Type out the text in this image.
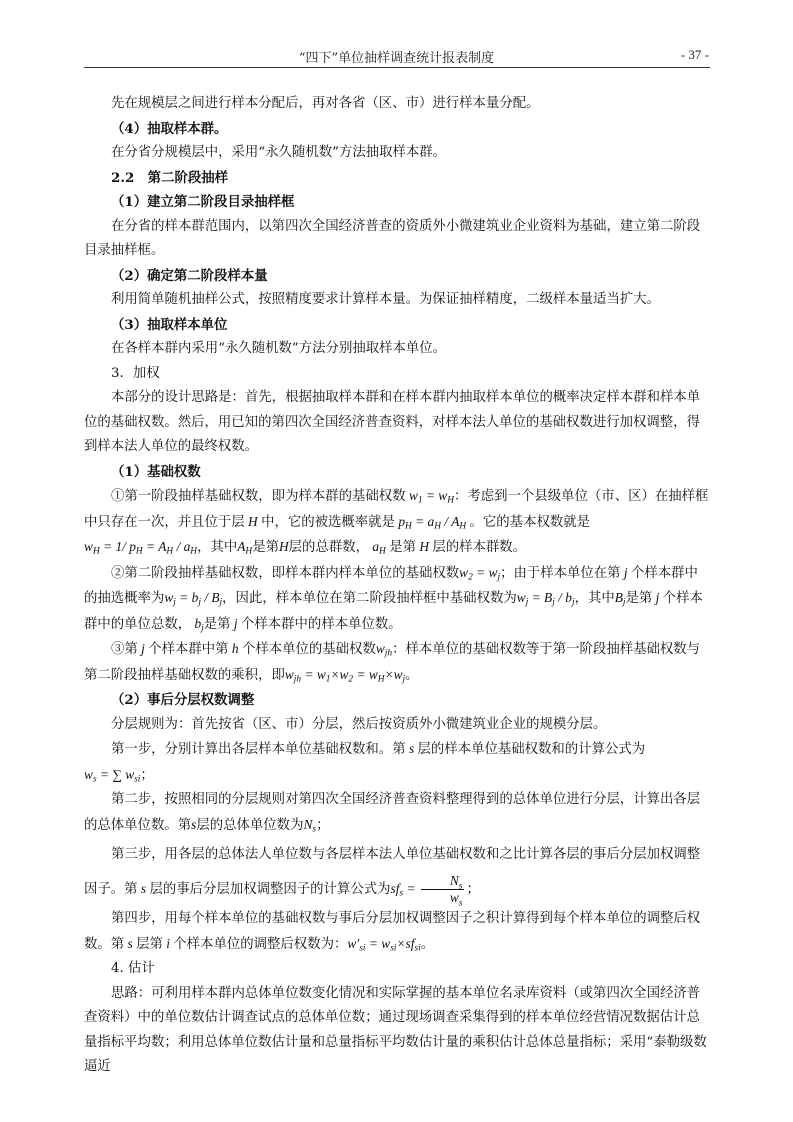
“四下”单位抽样调查统计报表制度	- 37 -

先在规模层之间进行样本分配后，再对各省（区、市）进行样本量分配。

（4）抽取样本群。

在分省分规模层中，采用“永久随机数”方法抽取样本群。

2.2　第二阶段抽样

（1）建立第二阶段目录抽样框

在分省的样本群范围内，以第四次全国经济普查的资质外小微建筑业企业资料为基础，建立第二阶段目录抽样框。

（2）确定第二阶段样本量

利用简单随机抽样公式，按照精度要求计算样本量。为保证抽样精度，二级样本量适当扩大。

（3）抽取样本单位

在各样本群内采用“永久随机数”方法分别抽取样本单位。

3．加权

本部分的设计思路是：首先，根据抽取样本群和在样本群内抽取样本单位的概率决定样本群和样本单位的基础权数。然后，用已知的第四次全国经济普查资料，对样本法人单位的基础权数进行加权调整，得到样本法人单位的最终权数。

（1）基础权数

①第一阶段抽样基础权数，即为样本群的基础权数 $w_1 = w_H$：考虑到一个县级单位（市、区）在抽样框中只存在一次，并且位于层 H 中，它的被选概率就是 $p_H = a_H / A_H$ 。它的基本权数就是$w_H = 1/$ $p_H = A_H / a_H$，其中$A_H$是第H层的总群数， $a_H$ 是第 H 层的样本群数。

②第二阶段抽样基础权数，即样本群内样本单位的基础权数$w_2 = w_j$；由于样本单位在第 j 个样本群中的抽选概率为$w_j = b_j / B_j$，因此，样本单位在第二阶段抽样框中基础权数为$w_j = B_j / b_j$，其中$B_j$是第 j 个样本群中的单位总数， $b_j$是第 j 个样本群中的样本单位数。

③第 j 个样本群中第 h 个样本单位的基础权数$w_{jh}$：样本单位的基础权数等于第一阶段抽样基础权数与第二阶段抽样基础权数的乘积，即$w_{jh} = w_1\times w_2 = w_H\times w_j$。

（2）事后分层权数调整

分层规则为：首先按省（区、市）分层，然后按资质外小微建筑业企业的规模分层。

第一步，分别计算出各层样本单位基础权数和。第 s 层的样本单位基础权数和的计算公式为$w_s$ = ∑ $w_{si}$；

第二步，按照相同的分层规则对第四次全国经济普查资料整理得到的总体单位进行分层，计算出各层的总体单位数。第s层的总体单位数为$N_s$；

第三步，用各层的总体法人单位数与各层样本法人单位基础权数和之比计算各层的事后分层加权调整因子。第 s 层的事后分层加权调整因子的计算公式为$sf_s = \frac{N_s}{w_s}$ ；

第四步，用每个样本单位的基础权数与事后分层加权调整因子之积计算得到每个样本单位的调整后权数。第 s 层第 i 个样本单位的调整后权数为：$w'_{si} = w_{si}\times sf_{si}$。

4. 估计

思路：可利用样本群内总体单位数变化情况和实际掌握的基本单位名录库资料（或第四次全国经济普查资料）中的单位数估计调查试点的总体单位数；通过现场调查采集得到的样本单位经营情况数据估计总量指标平均数；利用总体单位数估计量和总量指标平均数估计量的乘积估计总体总量指标；采用“泰勒级数逼近
